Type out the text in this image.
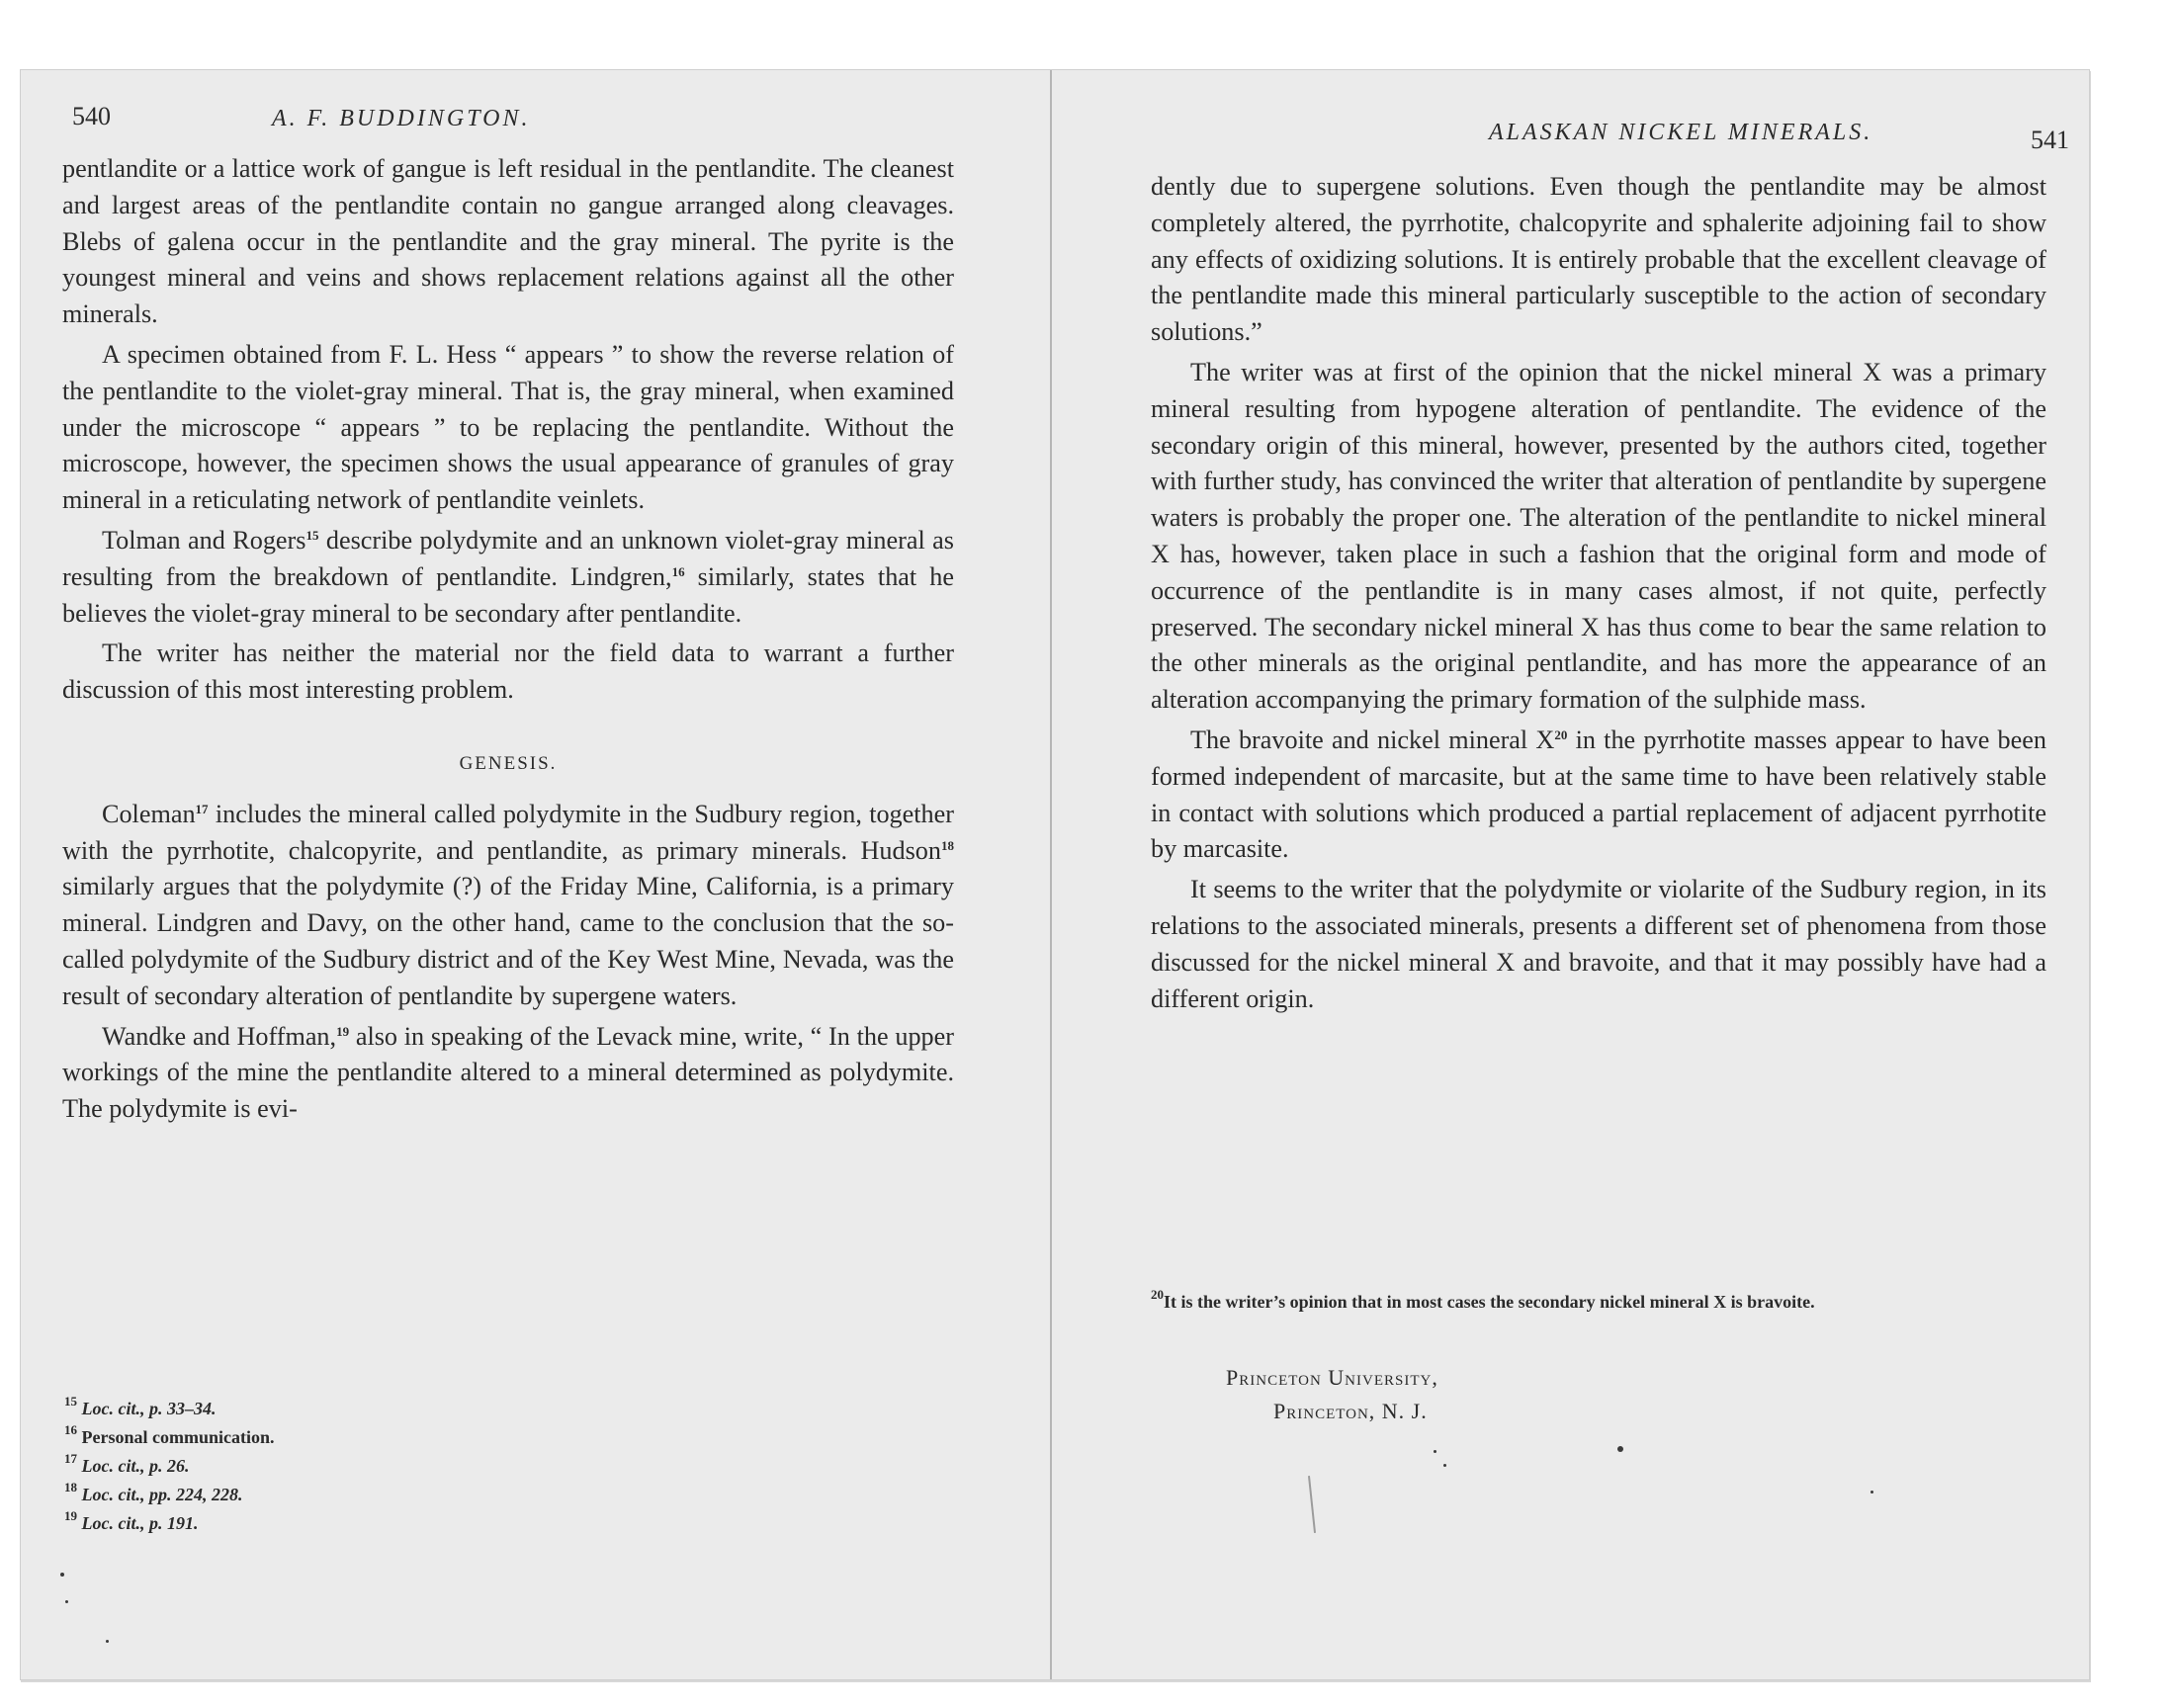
540	A. F. BUDDINGTON.

pentlandite or a lattice work of gangue is left residual in the pentlandite. The cleanest and largest areas of the pentlandite contain no gangue arranged along cleavages. Blebs of galena occur in the pentlandite and the gray mineral. The pyrite is the youngest mineral and veins and shows replacement relations against all the other minerals.

A specimen obtained from F. L. Hess “ appears ” to show the reverse relation of the pentlandite to the violet-gray mineral. That is, the gray mineral, when examined under the microscope “ appears ” to be replacing the pentlandite. Without the microscope, however, the specimen shows the usual appearance of granules of gray mineral in a reticulating network of pentlandite veinlets.

Tolman and Rogers$^{15}$ describe polydymite and an unknown violet-gray mineral as resulting from the breakdown of pentlandite. Lindgren,$^{16}$ similarly, states that he believes the violet-gray mineral to be secondary after pentlandite.

The writer has neither the material nor the field data to warrant a further discussion of this most interesting problem.

GENESIS.

Coleman$^{17}$ includes the mineral called polydymite in the Sudbury region, together with the pyrrhotite, chalcopyrite, and pentlandite, as primary minerals. Hudson$^{18}$ similarly argues that the polydymite (?) of the Friday Mine, California, is a primary mineral. Lindgren and Davy, on the other hand, came to the conclusion that the so-called polydymite of the Sudbury district and of the Key West Mine, Nevada, was the result of secondary alteration of pentlandite by supergene waters.

Wandke and Hoffman,$^{19}$ also in speaking of the Levack mine, write, “ In the upper workings of the mine the pentlandite altered to a mineral determined as polydymite. The polydymite is evi-

$^{15}$ Loc. cit., p. 33–34.
$^{16}$ Personal communication.
$^{17}$ Loc. cit., p. 26.
$^{18}$ Loc. cit., pp. 224, 228.
$^{19}$ Loc. cit., p. 191.
ALASKAN NICKEL MINERALS.	541

dently due to supergene solutions. Even though the pentlandite may be almost completely altered, the pyrrhotite, chalcopyrite and sphalerite adjoining fail to show any effects of oxidizing solutions. It is entirely probable that the excellent cleavage of the pentlandite made this mineral particularly susceptible to the action of secondary solutions.”

The writer was at first of the opinion that the nickel mineral X was a primary mineral resulting from hypogene alteration of pentlandite. The evidence of the secondary origin of this mineral, however, presented by the authors cited, together with further study, has convinced the writer that alteration of pentlandite by supergene waters is probably the proper one. The alteration of the pentlandite to nickel mineral X has, however, taken place in such a fashion that the original form and mode of occurrence of the pentlandite is in many cases almost, if not quite, perfectly preserved. The secondary nickel mineral X has thus come to bear the same relation to the other minerals as the original pentlandite, and has more the appearance of an alteration accompanying the primary formation of the sulphide mass.

The bravoite and nickel mineral $X^{20}$ in the pyrrhotite masses appear to have been formed independent of marcasite, but at the same time to have been relatively stable in contact with solutions which produced a partial replacement of adjacent pyrrhotite by marcasite.

It seems to the writer that the polydymite or violarite of the Sudbury region, in its relations to the associated minerals, presents a different set of phenomena from those discussed for the nickel mineral X and bravoite, and that it may possibly have had a different origin.

$^{20}$It is the writer’s opinion that in most cases the secondary nickel mineral X is bravoite.
Princeton University,
Princeton, N. J.
